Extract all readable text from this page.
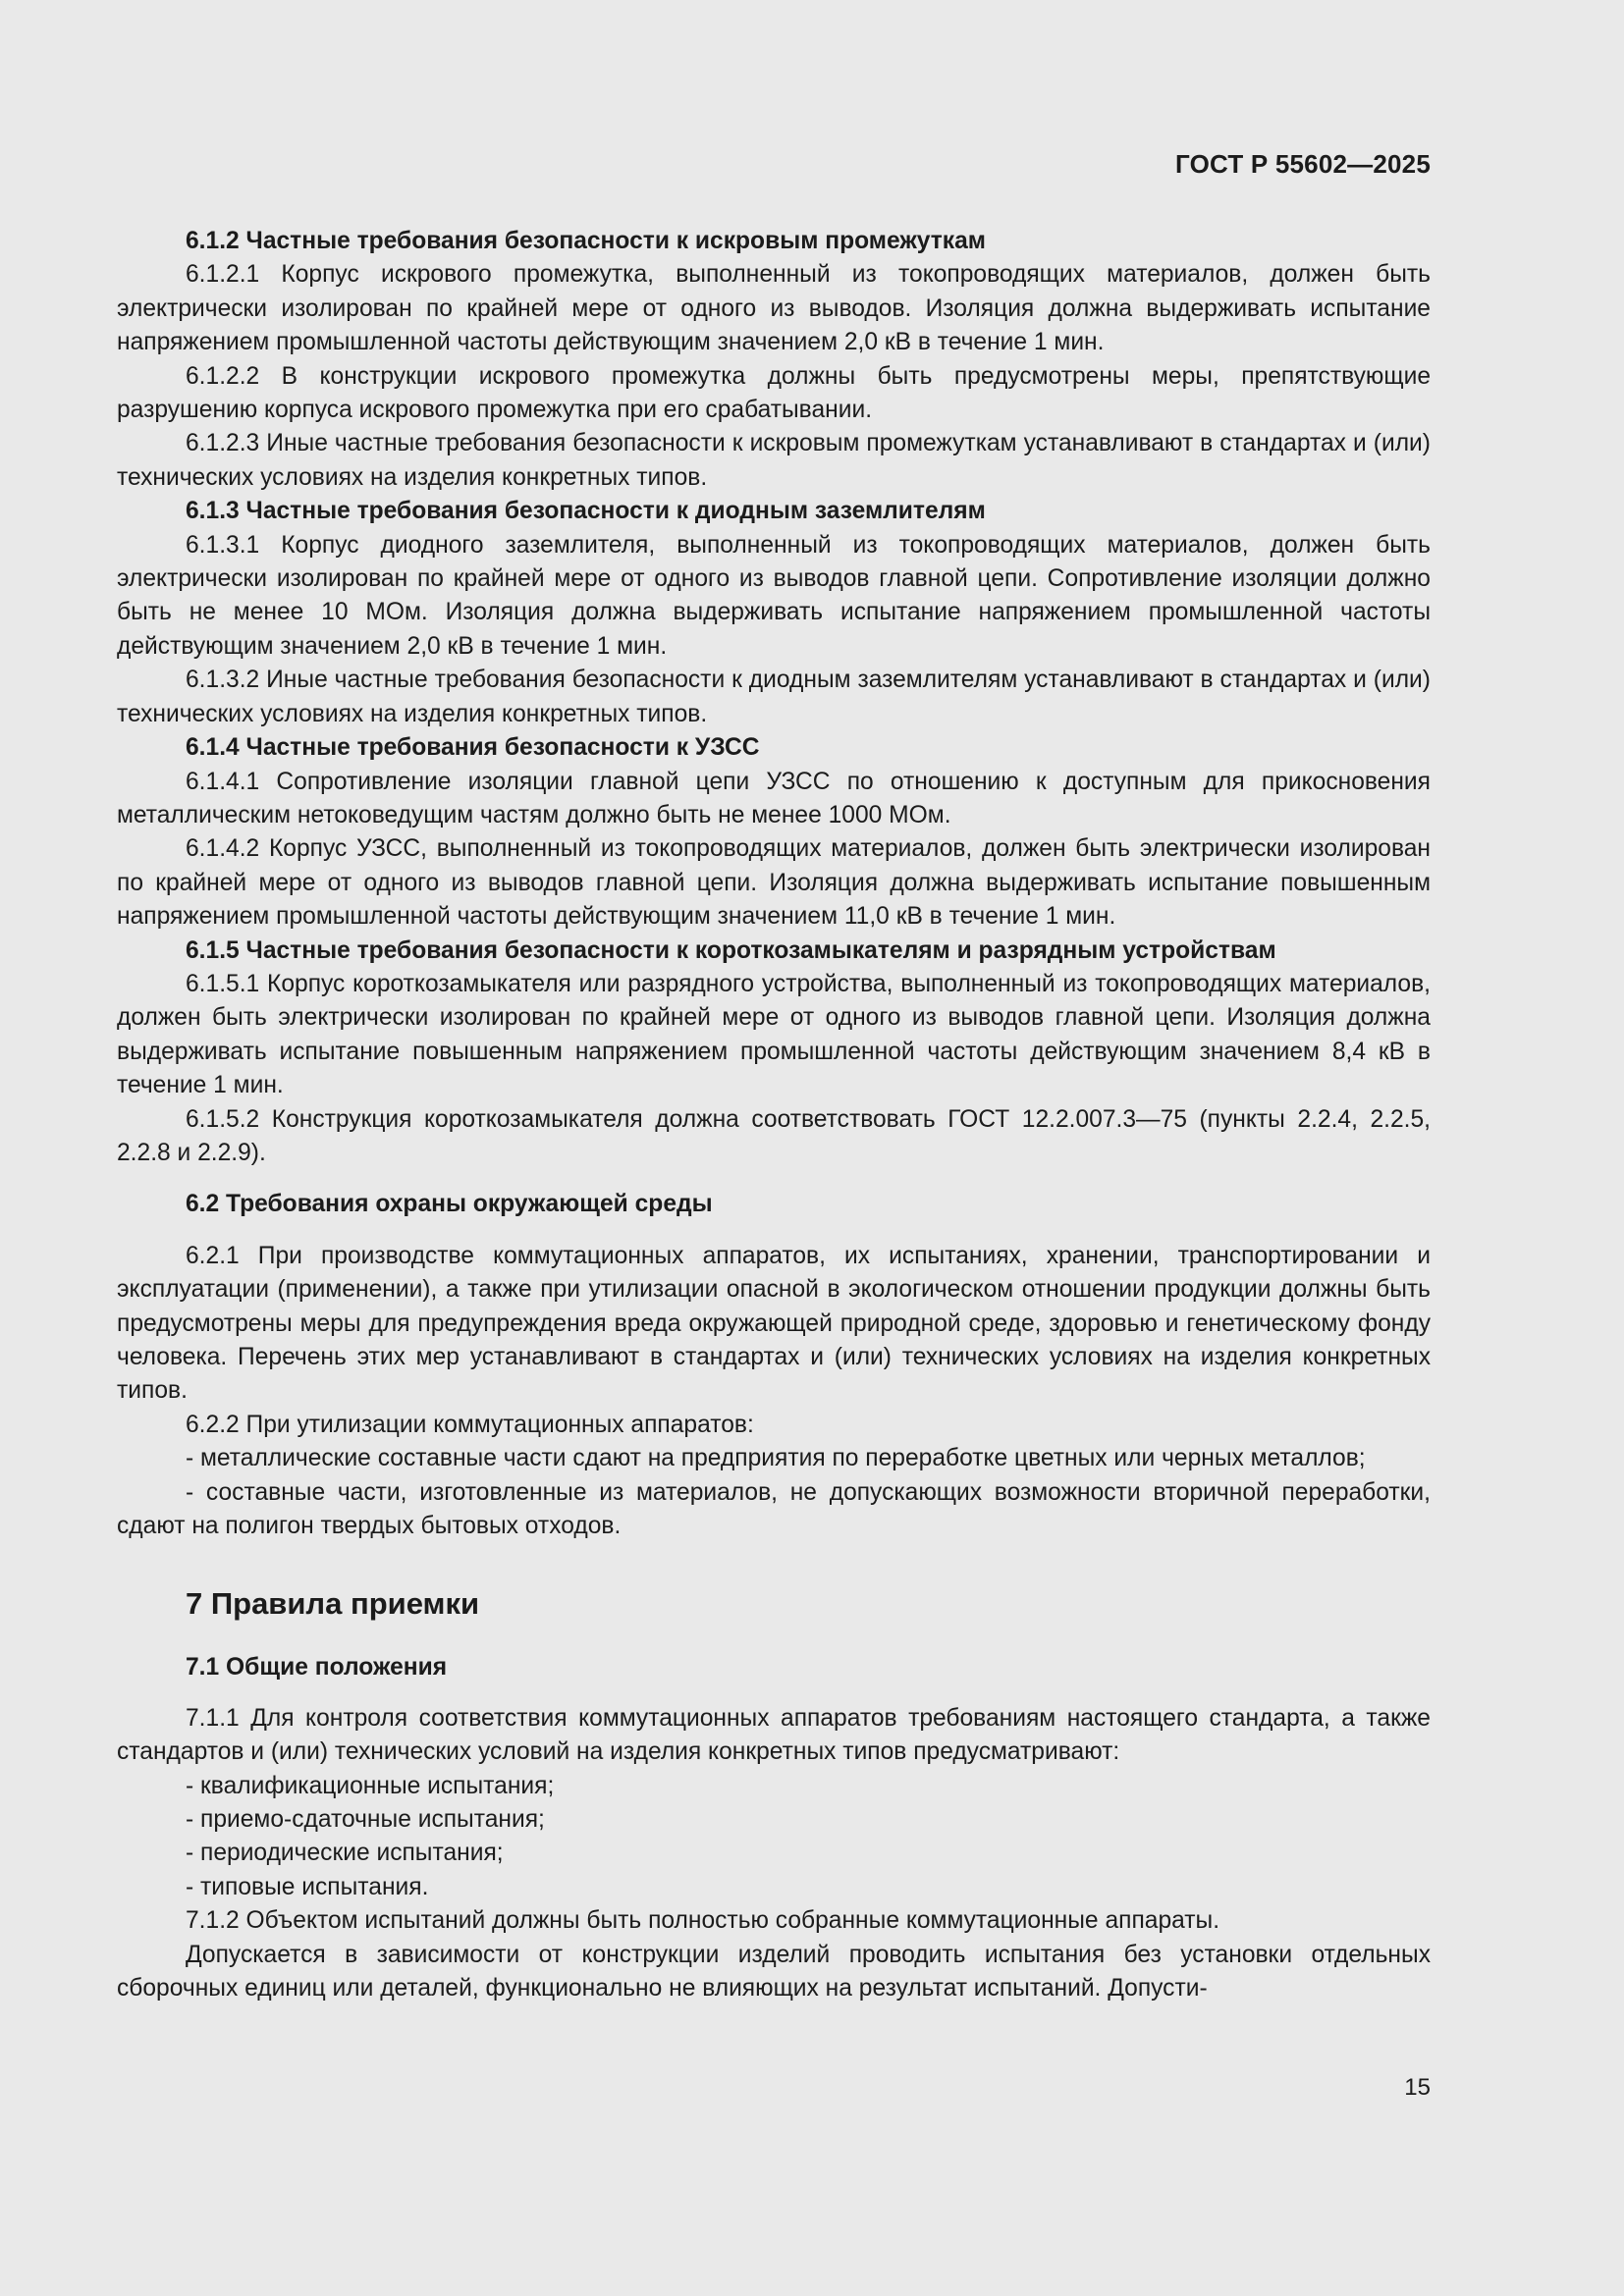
ГОСТ Р 55602—2025

6.1.2 Частные требования безопасности к искровым промежуткам

6.1.2.1 Корпус искрового промежутка, выполненный из токопроводящих материалов, должен быть электрически изолирован по крайней мере от одного из выводов. Изоляция должна выдерживать испытание напряжением промышленной частоты действующим значением 2,0 кВ в течение 1 мин.

6.1.2.2 В конструкции искрового промежутка должны быть предусмотрены меры, препятствующие разрушению корпуса искрового промежутка при его срабатывании.

6.1.2.3 Иные частные требования безопасности к искровым промежуткам устанавливают в стандартах и (или) технических условиях на изделия конкретных типов.

6.1.3 Частные требования безопасности к диодным заземлителям

6.1.3.1 Корпус диодного заземлителя, выполненный из токопроводящих материалов, должен быть электрически изолирован по крайней мере от одного из выводов главной цепи. Сопротивление изоляции должно быть не менее 10 МОм. Изоляция должна выдерживать испытание напряжением промышленной частоты действующим значением 2,0 кВ в течение 1 мин.

6.1.3.2 Иные частные требования безопасности к диодным заземлителям устанавливают в стандартах и (или) технических условиях на изделия конкретных типов.

6.1.4 Частные требования безопасности к УЗСС

6.1.4.1 Сопротивление изоляции главной цепи УЗСС по отношению к доступным для прикосновения металлическим нетоковедущим частям должно быть не менее 1000 МОм.

6.1.4.2 Корпус УЗСС, выполненный из токопроводящих материалов, должен быть электрически изолирован по крайней мере от одного из выводов главной цепи. Изоляция должна выдерживать испытание повышенным напряжением промышленной частоты действующим значением 11,0 кВ в течение 1 мин.

6.1.5 Частные требования безопасности к короткозамыкателям и разрядным устройствам

6.1.5.1 Корпус короткозамыкателя или разрядного устройства, выполненный из токопроводящих материалов, должен быть электрически изолирован по крайней мере от одного из выводов главной цепи. Изоляция должна выдерживать испытание повышенным напряжением промышленной частоты действующим значением 8,4 кВ в течение 1 мин.

6.1.5.2 Конструкция короткозамыкателя должна соответствовать ГОСТ 12.2.007.3—75 (пункты 2.2.4, 2.2.5, 2.2.8 и 2.2.9).

6.2 Требования охраны окружающей среды

6.2.1 При производстве коммутационных аппаратов, их испытаниях, хранении, транспортировании и эксплуатации (применении), а также при утилизации опасной в экологическом отношении продукции должны быть предусмотрены меры для предупреждения вреда окружающей природной среде, здоровью и генетическому фонду человека. Перечень этих мер устанавливают в стандартах и (или) технических условиях на изделия конкретных типов.

6.2.2 При утилизации коммутационных аппаратов:

- металлические составные части сдают на предприятия по переработке цветных или черных металлов;

- составные части, изготовленные из материалов, не допускающих возможности вторичной переработки, сдают на полигон твердых бытовых отходов.

7 Правила приемки
7.1 Общие положения

7.1.1 Для контроля соответствия коммутационных аппаратов требованиям настоящего стандарта, а также стандартов и (или) технических условий на изделия конкретных типов предусматривают:

- квалификационные испытания;

- приемо-сдаточные испытания;

- периодические испытания;

- типовые испытания.

7.1.2 Объектом испытаний должны быть полностью собранные коммутационные аппараты.

Допускается в зависимости от конструкции изделий проводить испытания без установки отдельных сборочных единиц или деталей, функционально не влияющих на результат испытаний. Допусти-

15
